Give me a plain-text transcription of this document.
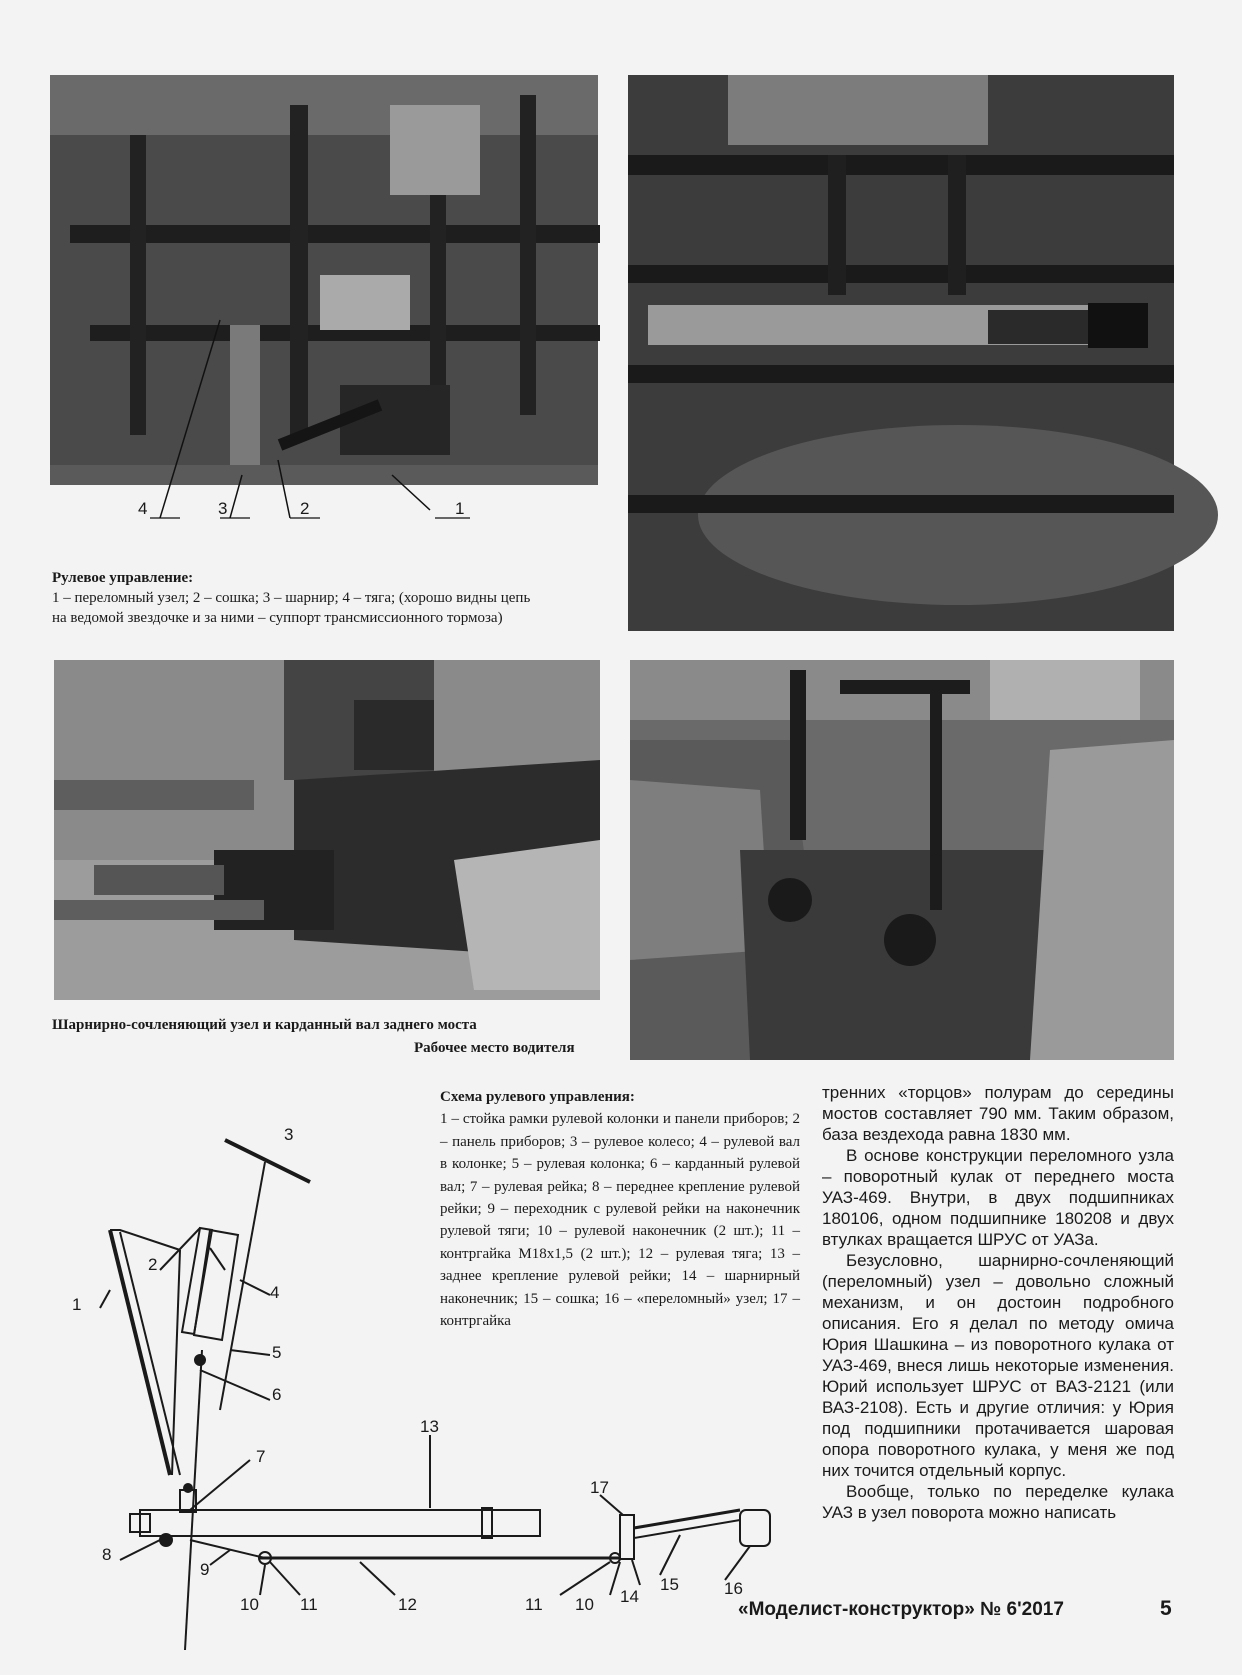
4	3	2	1
Рулевое управление:
1 – переломный узел; 2 – сошка; 3 – шарнир; 4 – тяга; (хорошо видны цепь
на ведомой звездочке и за ними – суппорт трансмиссионного тормоза)
Шарнирно-сочленяющий узел и карданный вал заднего моста
Рабочее место водителя
1
2
3
4
5
6
7
8
9
10 11	12
13
17
11 10 14
15	16
Схема рулевого управления:
1 – стойка рамки рулевой колонки и панели приборов; 2 – панель приборов; 3 – рулевое колесо; 4 – рулевой вал в колонке; 5 – рулевая колонка; 6 – карданный рулевой вал; 7 – рулевая рейка; 8 – переднее крепление рулевой рейки; 9 – переходник с рулевой рейки на наконечник рулевой тяги; 10 – рулевой наконечник (2 шт.); 11 – контргайка М18х1,5 (2 шт.); 12 – рулевая тяга; 13 – заднее крепление рулевой рейки; 14 – шарнирный наконечник; 15 – сошка; 16 – «переломный» узел; 17 – контргайка

тренних «торцов» полурам до середины мостов составляет 790 мм. Таким образом, база вездехода равна 1830 мм.

В основе конструкции переломного узла – поворотный кулак от переднего моста УАЗ-469. Внутри, в двух подшипниках 180106, одном подшипнике 180208 и двух втулках вращается ШРУС от УАЗа.

Безусловно, шарнирно-сочленяющий (переломный) узел – довольно сложный механизм, и он достоин подробного описания. Его я делал по методу омича Юрия Шашкина – из поворотного кулака от УАЗ-469, внеся лишь некоторые изменения. Юрий использует ШРУС от ВАЗ-2121 (или ВАЗ-2108). Есть и другие отличия: у Юрия под подшипники протачивается шаровая опора поворотного кулака, у меня же под них точится отдельный корпус.

Вообще, только по переделке кулака УАЗ в узел поворота можно написать

«Моделист-конструктор» № 6'2017	5
